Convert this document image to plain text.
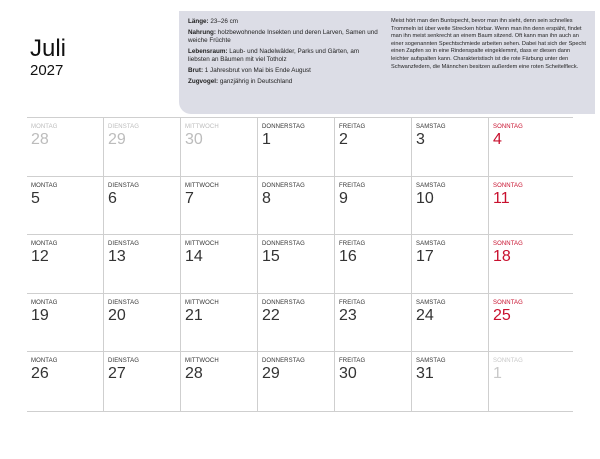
Juli
2027
Länge: 23–26 cm
Nahrung: holzbewohnende Insekten und deren Larven, Samen und weiche Früchte
Lebensraum: Laub- und Nadelwälder, Parks und Gärten, am liebsten an Bäumen mit viel Totholz
Brut: 1 Jahresbrut von Mai bis Ende August
Zugvogel: ganzjährig in Deutschland
Meist hört man den Buntspecht, bevor man ihn sieht, denn sein schnelles Trommeln ist über weite Strecken hörbar. Wenn man ihn denn erspäht, findet man ihn meist senkrecht an einem Baum sitzend. Oft kann man ihn auch an einer sogenannten Spechtschmiede arbeiten sehen. Dabei hat sich der Specht einen Zapfen so in eine Rindenspalte eingeklemmt, dass er diesen dann leichter aufspalten kann. Charakteristisch ist die rote Färbung unter den Schwanzfedern, die Männchen besitzen außerdem eine roten Scheitelfleck.
MONTAG
28
DIENSTAG
29
MITTWOCH
30
DONNERSTAG
1
FREITAG
2
SAMSTAG
3
SONNTAG
4
MONTAG
5
DIENSTAG
6
MITTWOCH
7
DONNERSTAG
8
FREITAG
9
SAMSTAG
10
SONNTAG
11
MONTAG
12
DIENSTAG
13
MITTWOCH
14
DONNERSTAG
15
FREITAG
16
SAMSTAG
17
SONNTAG
18
MONTAG
19
DIENSTAG
20
MITTWOCH
21
DONNERSTAG
22
FREITAG
23
SAMSTAG
24
SONNTAG
25
MONTAG
26
DIENSTAG
27
MITTWOCH
28
DONNERSTAG
29
FREITAG
30
SAMSTAG
31
SONNTAG
1
